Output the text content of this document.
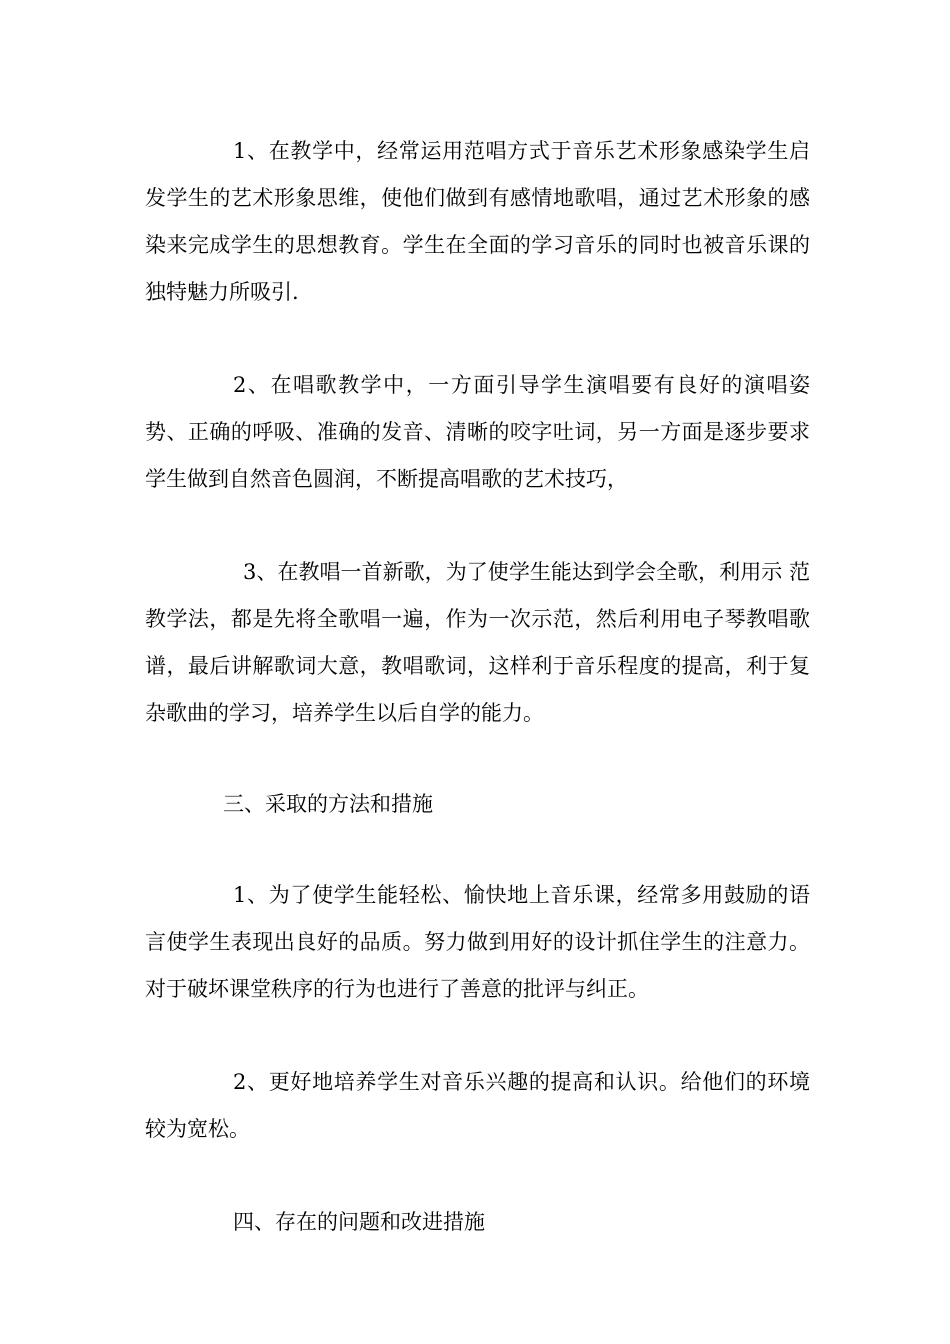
1、在教学中，经常运用范唱方式于音乐艺术形象感染学生启发学生的艺术形象思维，使他们做到有感情地歌唱，通过艺术形象的感染来完成学生的思想教育。学生在全面的学习音乐的同时也被音乐课的独特魅力所吸引.

2、在唱歌教学中，一方面引导学生演唱要有良好的演唱姿势、正确的呼吸、准确的发音、清晰的咬字吐词，另一方面是逐步要求学生做到自然音色圆润，不断提高唱歌的艺术技巧，

3、在教唱一首新歌，为了使学生能达到学会全歌，利用示 范教学法，都是先将全歌唱一遍，作为一次示范，然后利用电子琴教唱歌谱，最后讲解歌词大意，教唱歌词，这样利于音乐程度的提高，利于复杂歌曲的学习，培养学生以后自学的能力。

三、采取的方法和措施

1、为了使学生能轻松、愉快地上音乐课，经常多用鼓励的语言使学生表现出良好的品质。努力做到用好的设计抓住学生的注意力。对于破坏课堂秩序的行为也进行了善意的批评与纠正。

2、更好地培养学生对音乐兴趣的提高和认识。给他们的环境较为宽松。

四、存在的问题和改进措施
